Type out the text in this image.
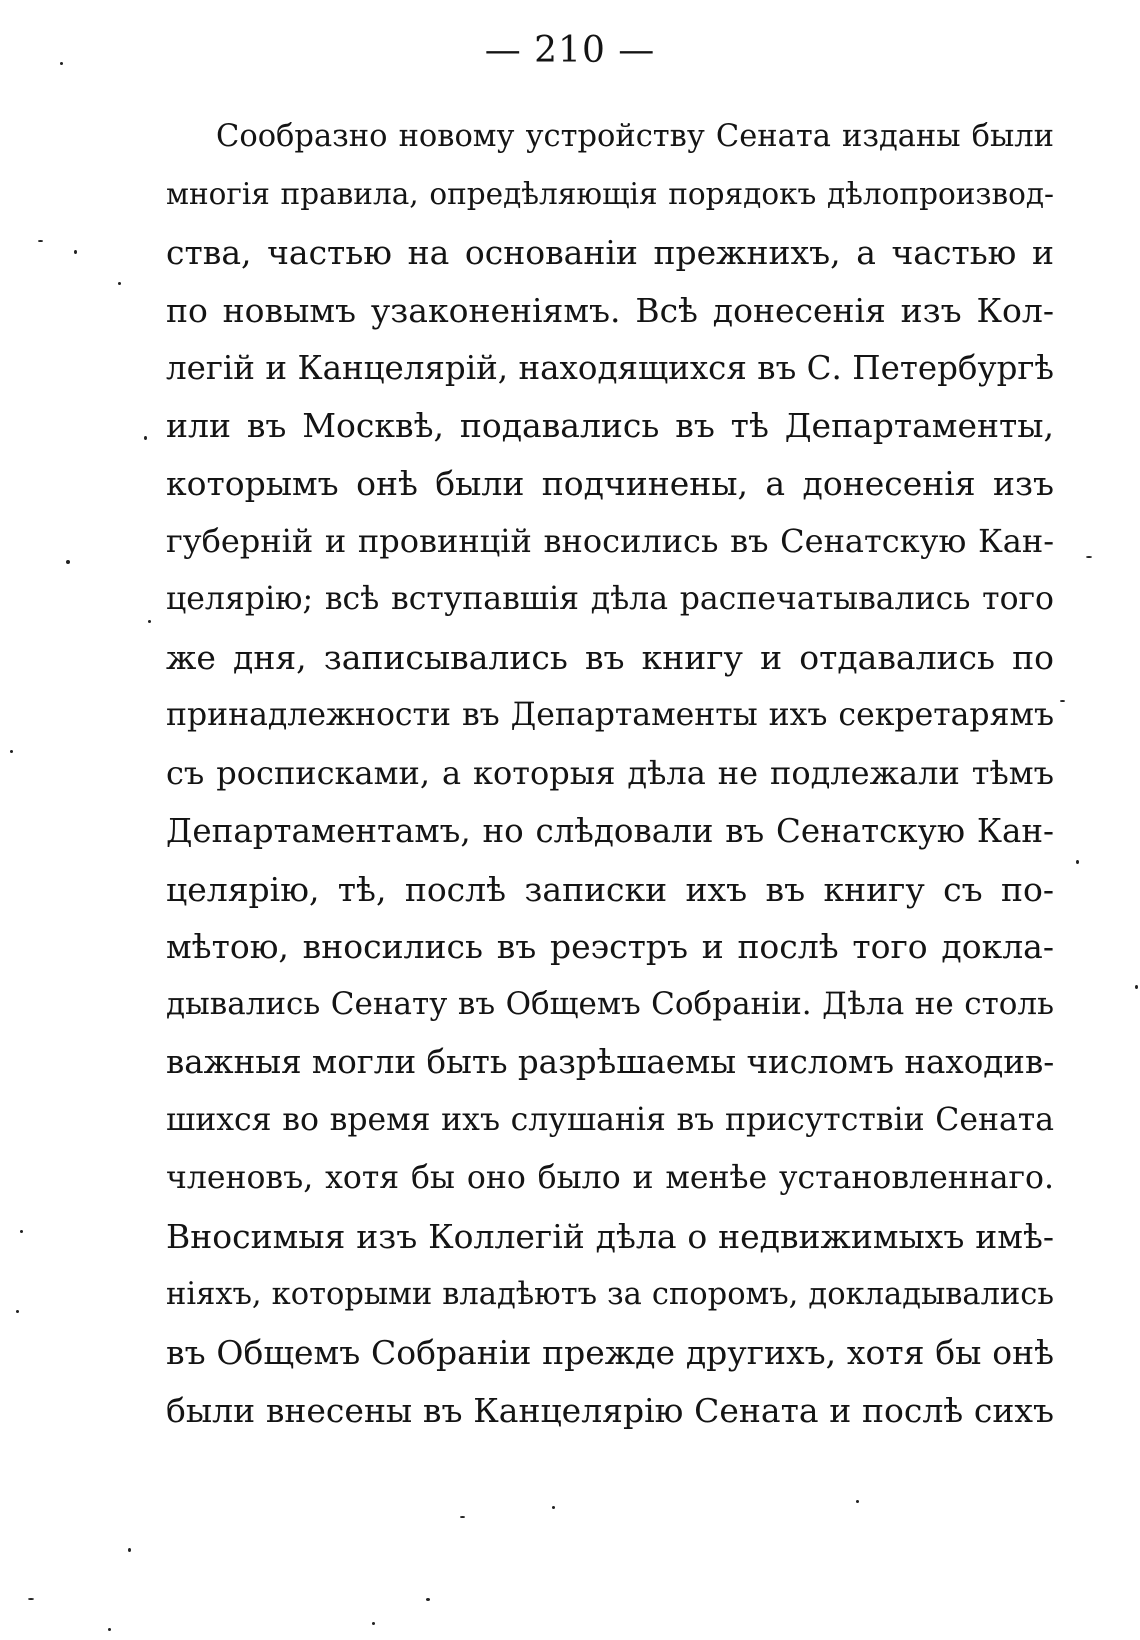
— 210 —
Сообразно новому устройству Сената изданы были
многія правила, опредѣляющія порядокъ дѣлопроизвод-
ства, частью на основаніи прежнихъ, а частью и
по новымъ узаконеніямъ. Всѣ донесенія изъ Кол-
легій и Канцелярій, находящихся въ С. Петербургѣ
или въ Москвѣ, подавались въ тѣ Департаменты,
которымъ онѣ были подчинены, а донесенія изъ
губерній и провинцій вносились въ Сенатскую Кан-
целярію; всѣ вступавшія дѣла распечатывались того
же дня, записывались въ книгу и отдавались по
принадлежности въ Департаменты ихъ секретарямъ
съ росписками, а которыя дѣла не подлежали тѣмъ
Департаментамъ, но слѣдовали въ Сенатскую Кан-
целярію, тѣ, послѣ записки ихъ въ книгу съ по-
мѣтою, вносились въ реэстръ и послѣ того докла-
дывались Сенату въ Общемъ Собраніи. Дѣла не столь
важныя могли быть разрѣшаемы числомъ находив-
шихся во время ихъ слушанія въ присутствіи Сената
членовъ, хотя бы оно было и менѣе установленнаго.
Вносимыя изъ Коллегій дѣла о недвижимыхъ имѣ-
ніяхъ, которыми владѣютъ за споромъ, докладывались
въ Общемъ Собраніи прежде другихъ, хотя бы онѣ
были внесены въ Канцелярію Сената и послѣ сихъ
